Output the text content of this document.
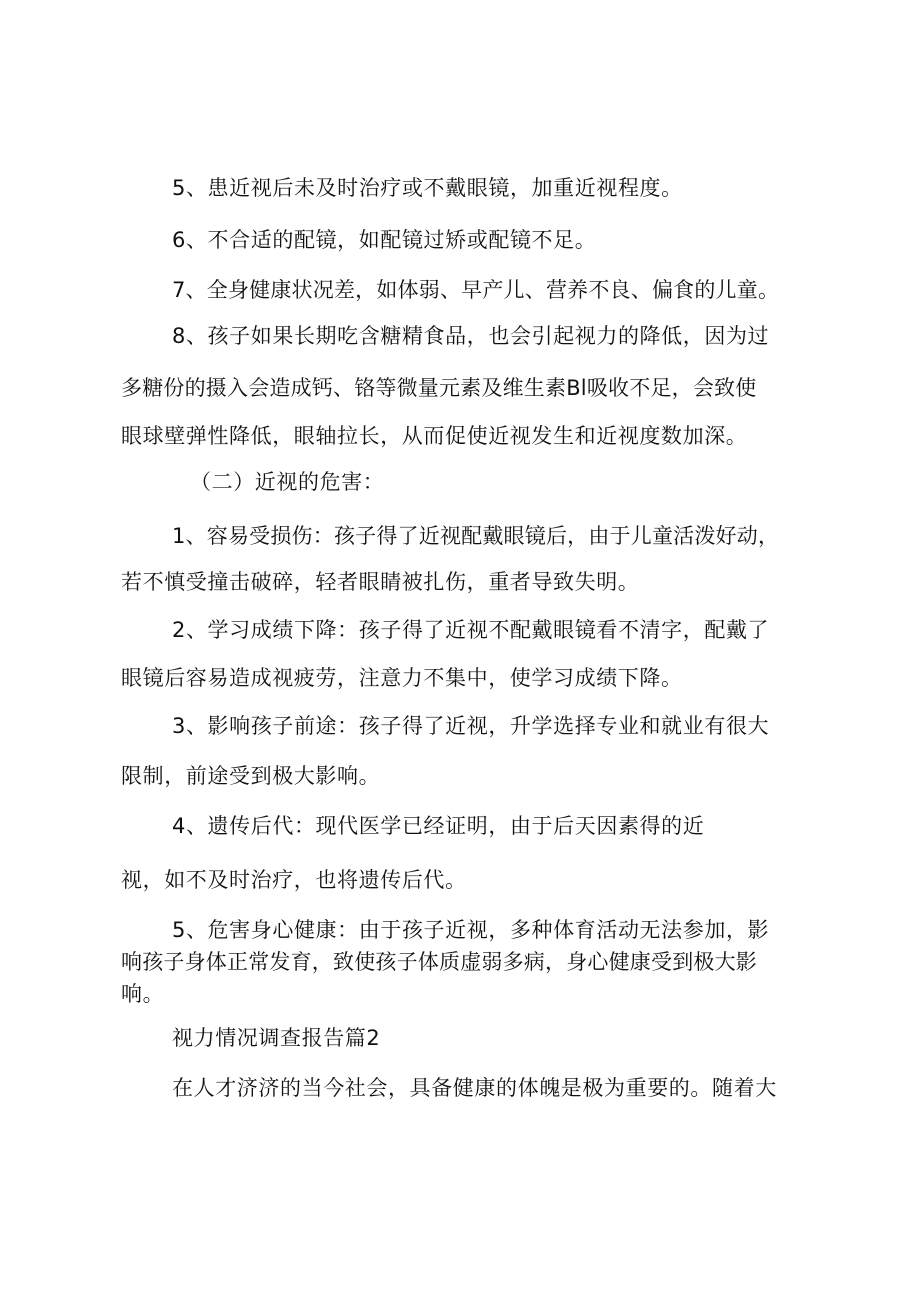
5、患近视后未及时治疗或不戴眼镜，加重近视程度。
6、不合适的配镜，如配镜过矫或配镜不足。
7、全身健康状况差，如体弱、早产儿、营养不良、偏食的儿童。
8、孩子如果长期吃含糖精食品，也会引起视力的降低，因为过
多糖份的摄入会造成钙、铬等微量元素及维生素Bl吸收不足，会致使
眼球壁弹性降低，眼轴拉长，从而促使近视发生和近视度数加深。
（二）近视的危害：
1、容易受损伤：孩子得了近视配戴眼镜后，由于儿童活泼好动，
若不慎受撞击破碎，轻者眼睛被扎伤，重者导致失明。
2、学习成绩下降：孩子得了近视不配戴眼镜看不清字，配戴了
眼镜后容易造成视疲劳，注意力不集中，使学习成绩下降。
3、影响孩子前途：孩子得了近视，升学选择专业和就业有很大
限制，前途受到极大影响。
4、遗传后代：现代医学已经证明，由于后天因素得的近
视，如不及时治疗，也将遗传后代。
5、危害身心健康：由于孩子近视，多种体育活动无法参加，影
响孩子身体正常发育，致使孩子体质虚弱多病，身心健康受到极大影
响。
视力情况调查报告篇2
在人才济济的当今社会，具备健康的体魄是极为重要的。随着大
